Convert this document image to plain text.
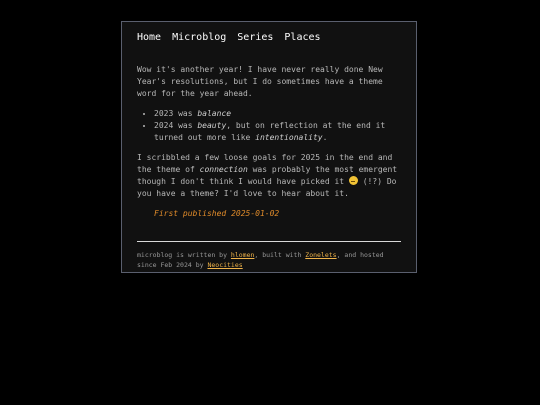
Home Microblog Series Places

Wow it's another year! I have never really done New Year's resolutions, but I do sometimes have a theme word for the year ahead.

• 2023 was balance
• 2024 was beauty, but on reflection at the end it turned out more like intentionality.

I scribbled a few loose goals for 2025 in the end and the theme of connection was probably the most emergent though I don't think I would have picked it  (!?) Do you have a theme? I'd love to hear about it.

First published 2025-01-02
microblog is written by hlomen, built with Zonelets, and hosted since Feb 2024 by Neocities
